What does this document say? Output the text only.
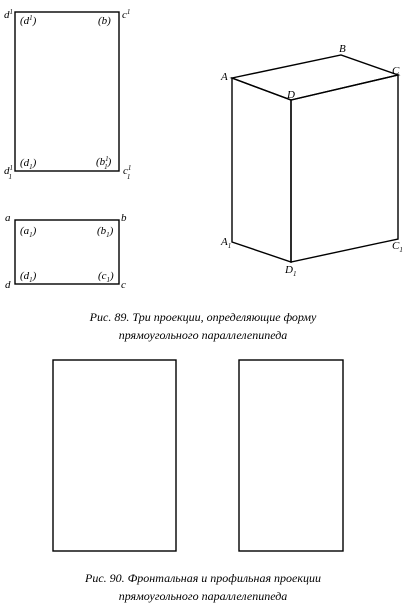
$d^1$
$(d^1)$	(b) $c^1$
$d^1$ 1
$(d_1)$	($b^1$ 1)
$c^1$ 1
a	b
d	c
$(a_1)$	$(b_1)$
$(d_1)$	$(c_1)$
A
B
C
D
$A_1$	$C_1$
$D_1$
Рис. 89. Три проекции, определяющие форму
прямоугольного параллелепипеда
Рис. 90. Фронтальная и профильная проекции
прямоугольного параллелепипеда
